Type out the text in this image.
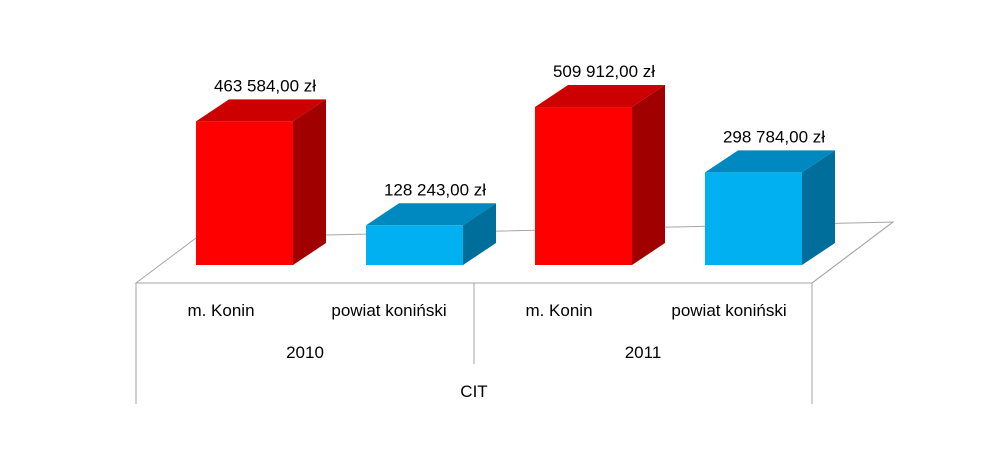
463 584,00 zł
128 243,00 zł
509 912,00 zł
298 784,00 zł
m. Konin	powiat koniński
2010
m. Konin	powiat koniński
2011
CIT
